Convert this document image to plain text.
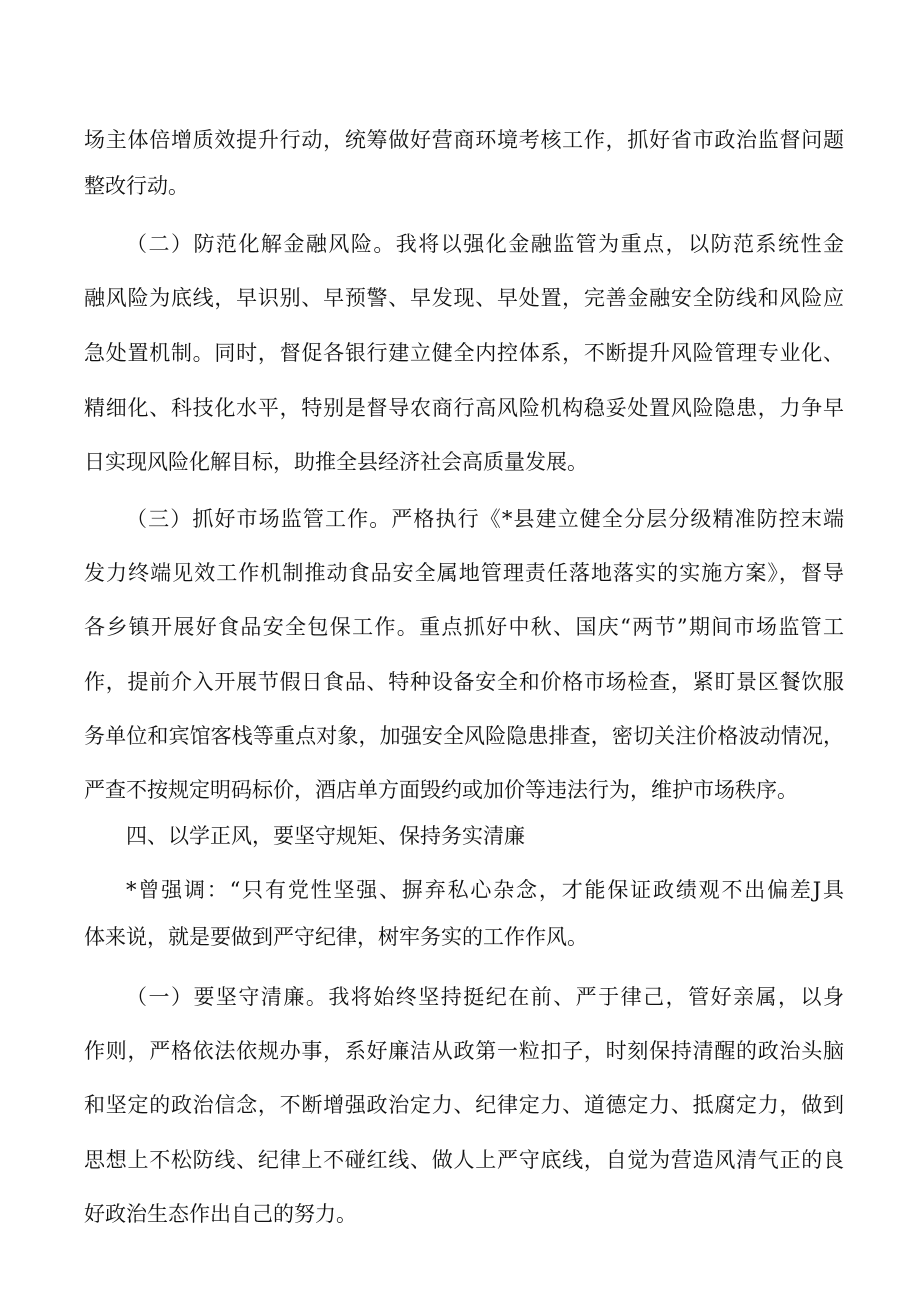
场主体倍增质效提升行动，统筹做好营商环境考核工作，抓好省市政治监督问题
整改行动。
（二）防范化解金融风险。我将以强化金融监管为重点，以防范系统性金
融风险为底线，早识别、早预警、早发现、早处置，完善金融安全防线和风险应
急处置机制。同时，督促各银行建立健全内控体系，不断提升风险管理专业化、
精细化、科技化水平，特别是督导农商行高风险机构稳妥处置风险隐患，力争早
日实现风险化解目标，助推全县经济社会高质量发展。
（三）抓好市场监管工作。严格执行《*县建立健全分层分级精准防控末端
发力终端见效工作机制推动食品安全属地管理责任落地落实的实施方案》，督导
各乡镇开展好食品安全包保工作。重点抓好中秋、国庆“两节”期间市场监管工
作，提前介入开展节假日食品、特种设备安全和价格市场检查，紧盯景区餐饮服
务单位和宾馆客栈等重点对象，加强安全风险隐患排查，密切关注价格波动情况，
严查不按规定明码标价，酒店单方面毁约或加价等违法行为，维护市场秩序。
四、以学正风，要坚守规矩、保持务实清廉
*曾强调：“只有党性坚强、摒弃私心杂念，才能保证政绩观不出偏差J具
体来说，就是要做到严守纪律，树牢务实的工作作风。
（一）要坚守清廉。我将始终坚持挺纪在前、严于律己，管好亲属，以身
作则，严格依法依规办事，系好廉洁从政第一粒扣子，时刻保持清醒的政治头脑
和坚定的政治信念，不断增强政治定力、纪律定力、道德定力、抵腐定力，做到
思想上不松防线、纪律上不碰红线、做人上严守底线，自觉为营造风清气正的良
好政治生态作出自己的努力。
